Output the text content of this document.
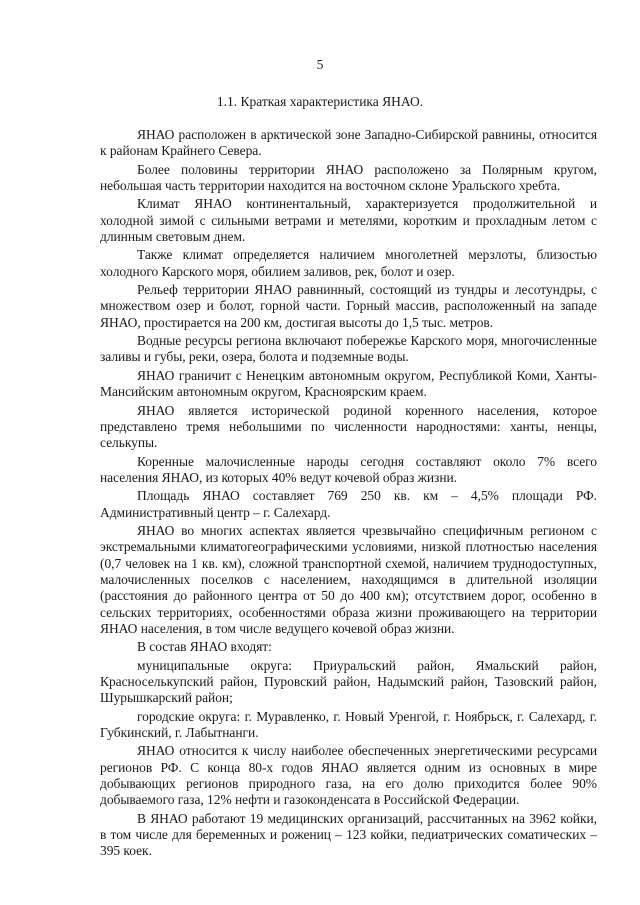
5
1.1. Краткая характеристика ЯНАО.

ЯНАО расположен в арктической зоне Западно-Сибирской равнины, относится к районам Крайнего Севера.

Более половины территории ЯНАО расположено за Полярным кругом, небольшая часть территории находится на восточном склоне Уральского хребта.

Климат ЯНАО континентальный, характеризуется продолжительной и холодной зимой с сильными ветрами и метелями, коротким и прохладным летом с длинным световым днем.

Также климат определяется наличием многолетней мерзлоты, близостью холодного Карского моря, обилием заливов, рек, болот и озер.

Рельеф территории ЯНАО равнинный, состоящий из тундры и лесотундры, с множеством озер и болот, горной части. Горный массив, расположенный на западе ЯНАО, простирается на 200 км, достигая высоты до 1,5 тыс. метров.

Водные ресурсы региона включают побережье Карского моря, многочисленные заливы и губы, реки, озера, болота и подземные воды.

ЯНАО граничит с Ненецким автономным округом, Республикой Коми, Ханты-Мансийским автономным округом, Красноярским краем.

ЯНАО является исторической родиной коренного населения, которое представлено тремя небольшими по численности народностями: ханты, ненцы, селькупы.

Коренные малочисленные народы сегодня составляют около 7% всего населения ЯНАО, из которых 40% ведут кочевой образ жизни.

Площадь ЯНАО составляет 769 250 кв. км – 4,5% площади РФ. Административный центр – г. Салехард.

ЯНАО во многих аспектах является чрезвычайно специфичным регионом с экстремальными климатогеографическими условиями, низкой плотностью населения (0,7 человек на 1 кв. км), сложной транспортной схемой, наличием труднодоступных, малочисленных поселков с населением, находящимся в длительной изоляции (расстояния до районного центра от 50 до 400 км); отсутствием дорог, особенно в сельских территориях, особенностями образа жизни проживающего на территории ЯНАО населения, в том числе ведущего кочевой образ жизни.

В состав ЯНАО входят:

муниципальные округа: Приуральский район, Ямальский район, Красноселькупский район, Пуровский район, Надымский район, Тазовский район, Шурышкарский район;

городские округа: г. Муравленко, г. Новый Уренгой, г. Ноябрьск, г. Салехард, г. Губкинский, г. Лабытнанги.

ЯНАО относится к числу наиболее обеспеченных энергетическими ресурсами регионов РФ. С конца 80-х годов ЯНАО является одним из основных в мире добывающих регионов природного газа, на его долю приходится более 90% добываемого газа, 12% нефти и газоконденсата в Российской Федерации.

В ЯНАО работают 19 медицинских организаций, рассчитанных на 3962 койки, в том числе для беременных и рожениц – 123 койки, педиатрических соматических – 395 коек.
